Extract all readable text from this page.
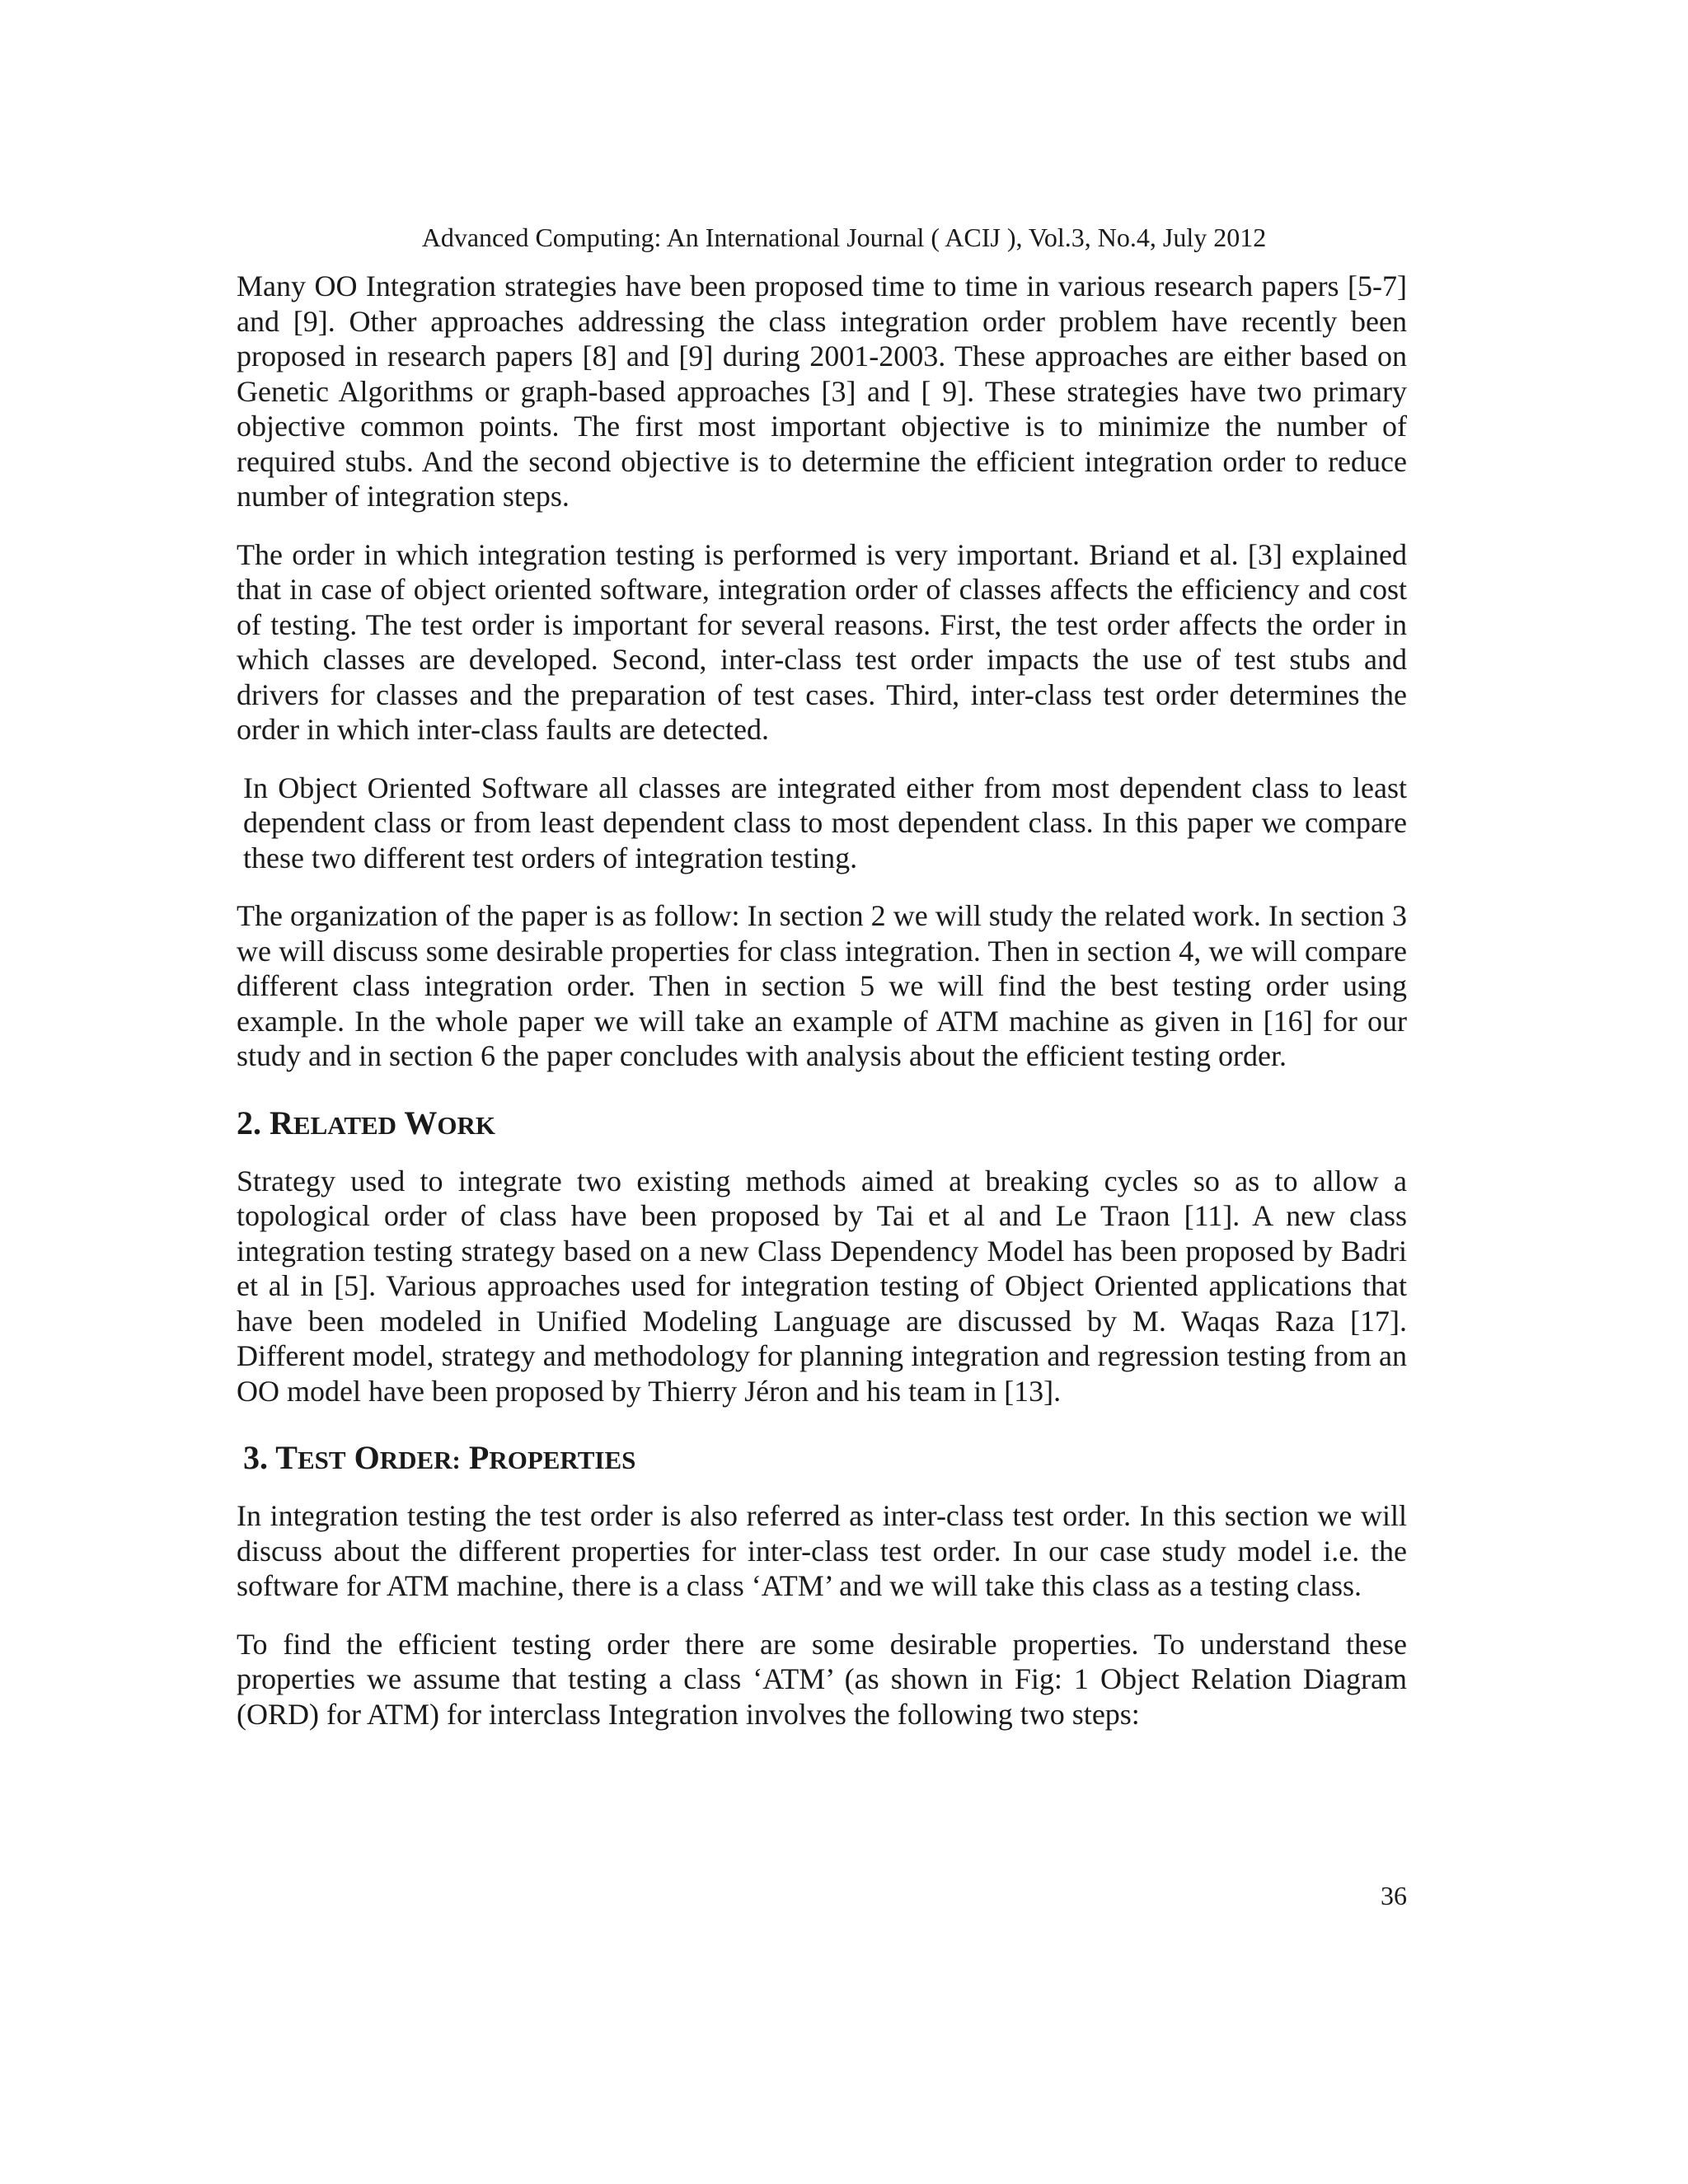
Advanced Computing: An International Journal ( ACIJ ), Vol.3, No.4, July 2012

Many OO Integration strategies have been proposed time to time in various research papers [5-7] and [9]. Other approaches addressing the class integration order problem have recently been proposed in research papers [8] and [9] during 2001-2003. These approaches are either based on Genetic Algorithms or graph-based approaches [3] and [ 9]. These strategies have two primary objective common points. The first most important objective is to minimize the number of required stubs. And the second objective is to determine the efficient integration order to reduce number of integration steps.

The order in which integration testing is performed is very important. Briand et al. [3] explained that in case of object oriented software, integration order of classes affects the efficiency and cost of testing. The test order is important for several reasons. First, the test order affects the order in which classes are developed. Second, inter-class test order impacts the use of test stubs and drivers for classes and the preparation of test cases. Third, inter-class test order determines the order in which inter-class faults are detected.

In Object Oriented Software all classes are integrated either from most dependent class to least dependent class or from least dependent class to most dependent class. In this paper we compare these two different test orders of integration testing.

The organization of the paper is as follow: In section 2 we will study the related work. In section 3 we will discuss some desirable properties for class integration. Then in section 4, we will compare different class integration order. Then in section 5 we will find the best testing order using example. In the whole paper we will take an example of ATM machine as given in [16] for our study and in section 6 the paper concludes with analysis about the efficient testing order.

2. RELATED WORK

Strategy used to integrate two existing methods aimed at breaking cycles so as to allow a topological order of class have been proposed by Tai et al and Le Traon [11]. A new class integration testing strategy based on a new Class Dependency Model has been proposed by Badri et al in [5]. Various approaches used for integration testing of Object Oriented applications that have been modeled in Unified Modeling Language are discussed by M. Waqas Raza [17]. Different model, strategy and methodology for planning integration and regression testing from an OO model have been proposed by Thierry Jéron and his team in [13].

3. TEST ORDER: PROPERTIES

In integration testing the test order is also referred as inter-class test order. In this section we will discuss about the different properties for inter-class test order. In our case study model i.e. the software for ATM machine, there is a class ‘ATM’ and we will take this class as a testing class.

To find the efficient testing order there are some desirable properties. To understand these properties we assume that testing a class ‘ATM’ (as shown in Fig: 1 Object Relation Diagram (ORD) for ATM) for interclass Integration involves the following two steps:

36
